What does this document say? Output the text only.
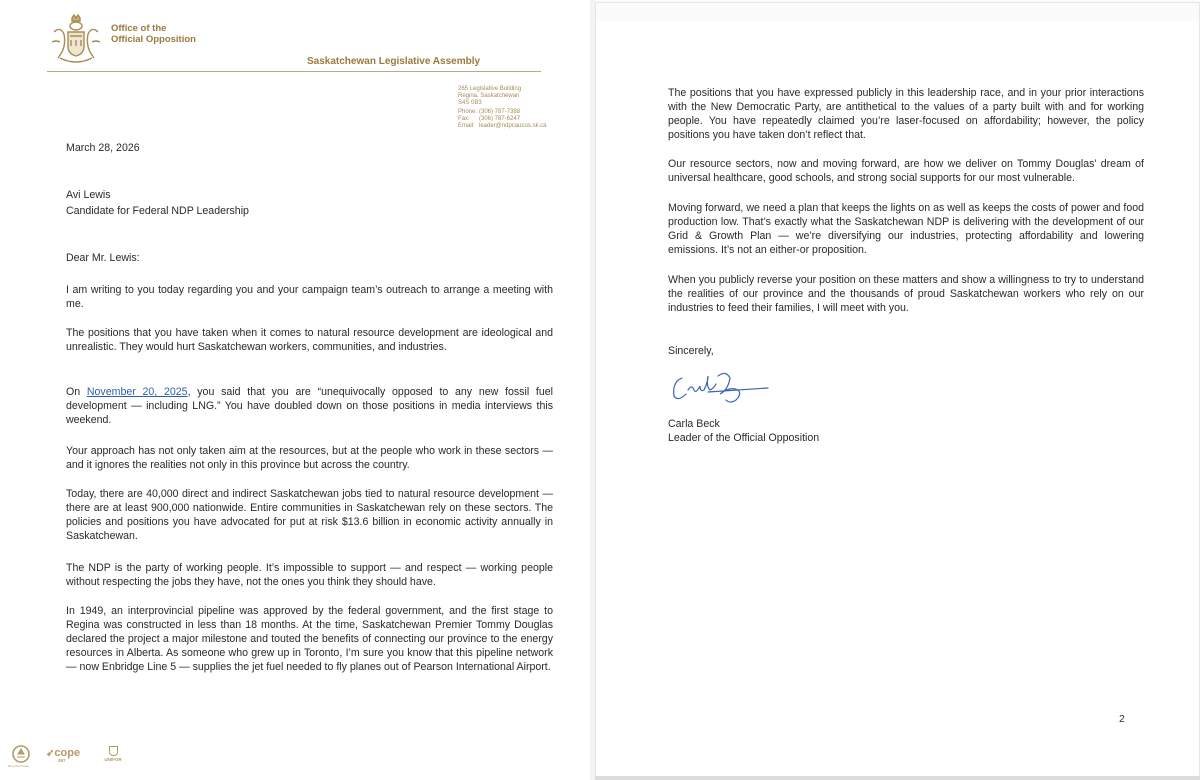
Office of the
Official Opposition
Saskatchewan Legislative Assembly
265 Legislative Building
Regina, Saskatchewan
S4S 0B3
Phone: (306) 787-7388
Fax: (306) 787-6247
Email: leader@ndpcaucus.sk.ca
March 28, 2026
Avi Lewis
Candidate for Federal NDP Leadership
Dear Mr. Lewis:
I am writing to you today regarding you and your campaign team’s outreach to arrange a meeting with me.
The positions that you have taken when it comes to natural resource development are ideological and unrealistic. They would hurt Saskatchewan workers, communities, and industries.
On November 20, 2025, you said that you are “unequivocally opposed to any new fossil fuel development — including LNG.” You have doubled down on those positions in media interviews this weekend.
Your approach has not only taken aim at the resources, but at the people who work in these sectors — and it ignores the realities not only in this province but across the country.
Today, there are 40,000 direct and indirect Saskatchewan jobs tied to natural resource development — there are at least 900,000 nationwide. Entire communities in Saskatchewan rely on these sectors. The policies and positions you have advocated for put at risk $13.6 billion in economic activity annually in Saskatchewan.
The NDP is the party of working people. It’s impossible to support — and respect — working people without respecting the jobs they have, not the ones you think they should have.
In 1949, an interprovincial pipeline was approved by the federal government, and the first stage to Regina was constructed in less than 18 months. At the time, Saskatchewan Premier Tommy Douglas declared the project a major milestone and touted the benefits of connecting our province to the energy resources in Alberta. As someone who grew up in Toronto, I’m sure you know that this pipeline network — now Enbridge Line 5 — supplies the jet fuel needed to fly planes out of Pearson International Airport.
Recycled Paper
➶cope
397	UNIFOR
The positions that you have expressed publicly in this leadership race, and in your prior interactions with the New Democratic Party, are antithetical to the values of a party built with and for working people. You have repeatedly claimed you’re laser-focused on affordability; however, the policy positions you have taken don’t reflect that.
Our resource sectors, now and moving forward, are how we deliver on Tommy Douglas’ dream of universal healthcare, good schools, and strong social supports for our most vulnerable.
Moving forward, we need a plan that keeps the lights on as well as keeps the costs of power and food production low. That’s exactly what the Saskatchewan NDP is delivering with the development of our Grid & Growth Plan — we’re diversifying our industries, protecting affordability and lowering emissions. It’s not an either-or proposition.
When you publicly reverse your position on these matters and show a willingness to try to understand the realities of our province and the thousands of proud Saskatchewan workers who rely on our industries to feed their families, I will meet with you.
Sincerely,
Carla Beck
Leader of the Official Opposition
2
